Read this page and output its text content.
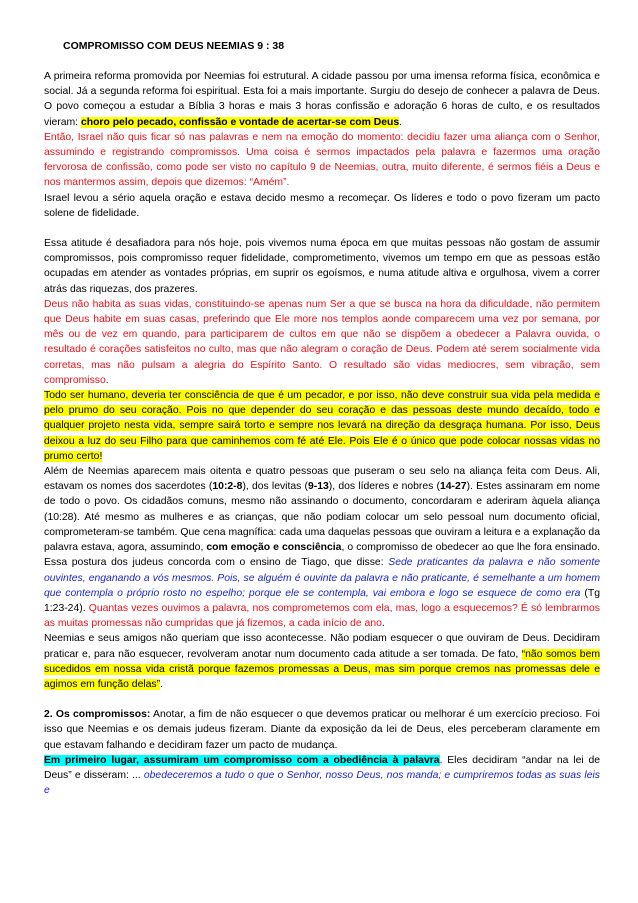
COMPROMISSO COM DEUS NEEMIAS 9 : 38

A primeira reforma promovida por Neemias foi estrutural. A cidade passou por uma imensa reforma física, econômica e social. Já a segunda reforma foi espiritual. Esta foi a mais importante. Surgiu do desejo de conhecer a palavra de Deus. O povo começou a estudar a Bíblia 3 horas e mais 3 horas confissão e adoração 6 horas de culto, e os resultados vieram: choro pelo pecado, confissão e vontade de acertar-se com Deus.

Então, Israel não quis ficar só nas palavras e nem na emoção do momento: decidiu fazer uma aliança com o Senhor, assumindo e registrando compromissos. Uma coisa é sermos impactados pela palavra e fazermos uma oração fervorosa de confissão, como pode ser visto no capítulo 9 de Neemias, outra, muito diferente, é sermos fiéis a Deus e nos mantermos assim, depois que dizemos: “Amém”.

Israel levou a sério aquela oração e estava decido mesmo a recomeçar. Os líderes e todo o povo fizeram um pacto solene de fidelidade.

Essa atitude é desafiadora para nós hoje, pois vivemos numa época em que muitas pessoas não gostam de assumir compromissos, pois compromisso requer fidelidade, comprometimento, vivemos um tempo em que as pessoas estão ocupadas em atender as vontades próprias, em suprir os egoísmos, e numa atitude altiva e orgulhosa, vivem a correr atrás das riquezas, dos prazeres.

Deus não habita as suas vidas, constituindo-se apenas num Ser a que se busca na hora da dificuldade, não permitem que Deus habite em suas casas, preferindo que Ele more nos templos aonde comparecem uma vez por semana, por mês ou de vez em quando, para participarem de cultos em que não se dispõem a obedecer a Palavra ouvida, o resultado é corações satisfeitos no culto, mas que não alegram o coração de Deus. Podem até serem socialmente vida corretas, mas não pulsam a alegria do Espírito Santo. O resultado são vidas mediocres, sem vibração, sem compromisso.

Todo ser humano, deveria ter consciência de que é um pecador, e por isso, não deve construir sua vida pela medida e pelo prumo do seu coração. Pois no que depender do seu coração e das pessoas deste mundo decaído, todo e qualquer projeto nesta vida, sempre sairá torto e sempre nos levará na direção da desgraça humana. Por isso, Deus deixou a luz do seu Filho para que caminhemos com fé até Ele. Pois Ele é o único que pode colocar nossas vidas no prumo certo!

Além de Neemias aparecem mais oitenta e quatro pessoas que puseram o seu selo na aliança feita com Deus. Ali, estavam os nomes dos sacerdotes (10:2-8), dos levitas (9-13), dos líderes e nobres (14-27). Estes assinaram em nome de todo o povo. Os cidadãos comuns, mesmo não assinando o documento, concordaram e aderiram àquela aliança (10:28). Até mesmo as mulheres e as crianças, que não podiam colocar um selo pessoal num documento oficial, comprometeram-se também. Que cena magnífica: cada uma daquelas pessoas que ouviram a leitura e a explanação da palavra estava, agora, assumindo, com emoção e consciência, o compromisso de obedecer ao que lhe fora ensinado. Essa postura dos judeus concorda com o ensino de Tiago, que disse: Sede praticantes da palavra e não somente ouvintes, enganando a vós mesmos. Pois, se alguém é ouvinte da palavra e não praticante, é semelhante a um homem que contempla o próprio rosto no espelho; porque ele se contempla, vai embora e logo se esquece de como era (Tg 1:23-24). Quantas vezes ouvimos a palavra, nos comprometemos com ela, mas, logo a esquecemos? É só lembrarmos as muitas promessas não cumpridas que já fizemos, a cada início de ano.

Neemias e seus amigos não queriam que isso acontecesse. Não podiam esquecer o que ouviram de Deus. Decidiram praticar e, para não esquecer, revolveram anotar num documento cada atitude a ser tomada. De fato, “não somos bem sucedidos em nossa vida cristã porque fazemos promessas a Deus, mas sim porque cremos nas promessas dele e agimos em função delas”.

2. Os compromissos: Anotar, a fim de não esquecer o que devemos praticar ou melhorar é um exercício precioso. Foi isso que Neemias e os demais judeus fizeram. Diante da exposição da lei de Deus, eles perceberam claramente em que estavam falhando e decidiram fazer um pacto de mudança.

Em primeiro lugar, assumiram um compromisso com a obediência à palavra. Eles decidiram “andar na lei de Deus” e disseram: ... obedeceremos a tudo o que o Senhor, nosso Deus, nos manda; e cumpriremos todas as suas leis e
